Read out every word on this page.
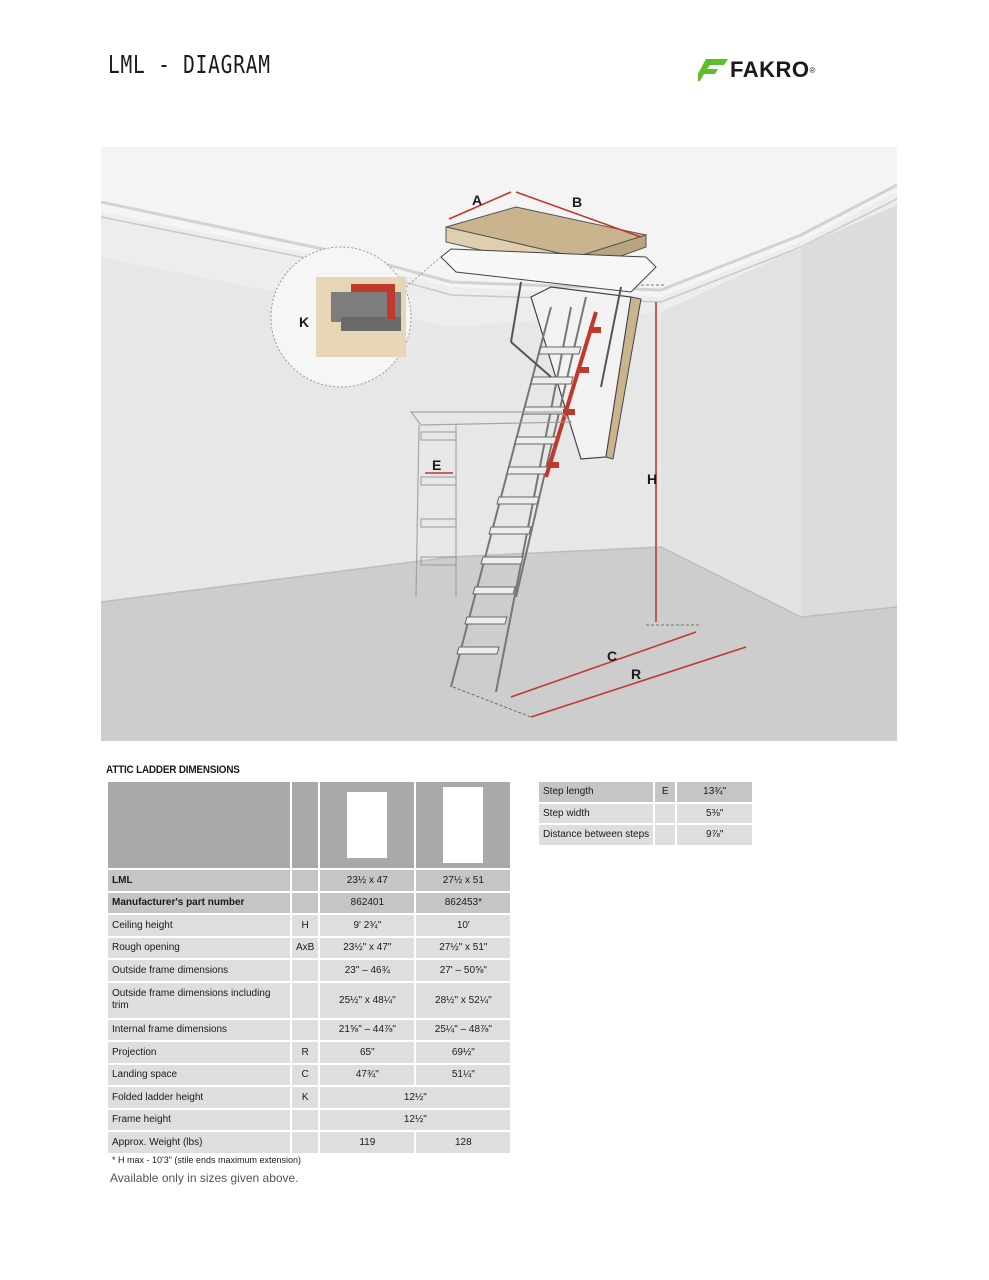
LML - DIAGRAM	FAKRO ®
A	B
H
K
E
C
R
ATTIC LADDER DIMENSIONS

LML		23½ x 47	27½ x 51
Manufacturer's part number		862401	862453*
Ceiling height	H	9' 2¾"	10'
Rough opening	AxB	23½" x 47"	27½" x 51"
Outside frame dimensions		23" – 46¾	27' – 50⅝"
Outside frame dimensions including trim		25½" x 48¼"	28½" x 52¼"
Internal frame dimensions		21⅝" – 44⅞"	25¼" – 48⅞"
Projection	R	65"	69½"
Landing space	C	47¾"	51¼"
Folded ladder height	K	12½"	
Frame height		12½"	
Approx. Weight (lbs)		119	128
* H max - 10'3" (stile ends maximum extension)
Available only in sizes given above.
Step length	E	13¾"
Step width		5⅜"
Distance between steps		9⅞"
